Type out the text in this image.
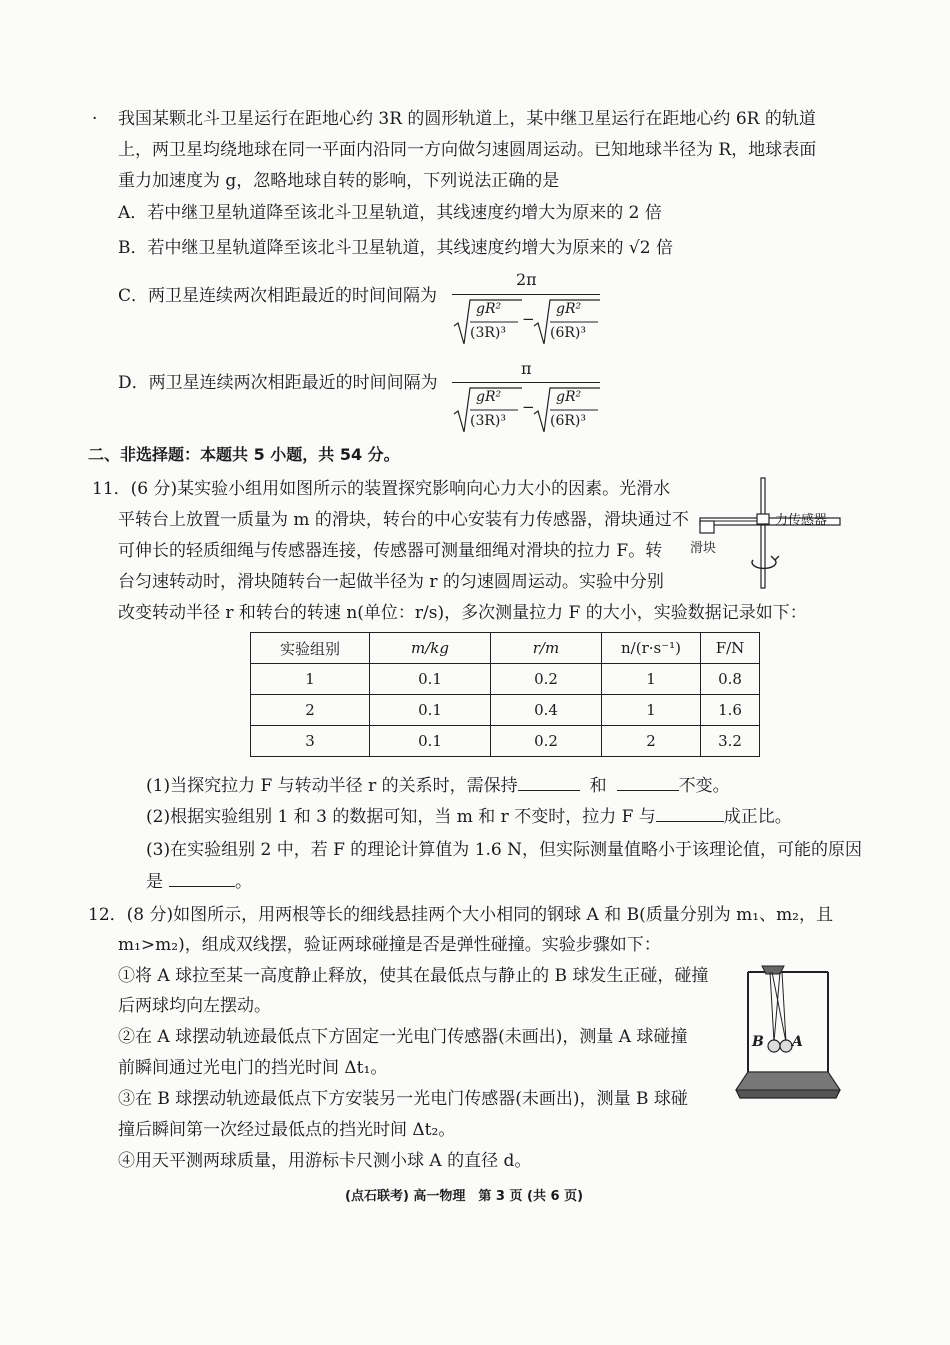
· 我国某颗北斗卫星运行在距地心约 3R 的圆形轨道上，某中继卫星运行在距地心约 6R 的轨道
上，两卫星均绕地球在同一平面内沿同一方向做匀速圆周运动。已知地球半径为 R，地球表面
重力加速度为 g，忽略地球自转的影响，下列说法正确的是
A．若中继卫星轨道降至该北斗卫星轨道，其线速度约增大为原来的 2 倍
B．若中继卫星轨道降至该北斗卫星轨道，其线速度约增大为原来的 √2 倍
C．两卫星连续两次相距最近的时间间隔为
2π
gR²
(3R)³
−
gR²
(6R)³
D．两卫星连续两次相距最近的时间间隔为
π
gR²
(3R)³
−
gR²
(6R)³
二、非选择题：本题共 5 小题，共 54 分。
11．(6 分)某实验小组用如图所示的装置探究影响向心力大小的因素。光滑水
平转台上放置一质量为 m 的滑块，转台的中心安装有力传感器，滑块通过不
可伸长的轻质细绳与传感器连接，传感器可测量细绳对滑块的拉力 F。转
台匀速转动时，滑块随转台一起做半径为 r 的匀速圆周运动。实验中分别
改变转动半径 r 和转台的转速 n(单位：r/s)，多次测量拉力 F 的大小，实验数据记录如下：
力传感器
滑块
实验组别	m/kg	r/m	n/(r·s⁻¹)	F/N
1	0.1	0.2	1	0.8
2	0.1	0.4	1	1.6
3	0.1	0.2	2	3.2
(1)当探究拉力 F 与转动半径 r 的关系时，需保持	和	不变。
(2)根据实验组别 1 和 3 的数据可知，当 m 和 r 不变时，拉力 F 与	成正比。
(3)在实验组别 2 中，若 F 的理论计算值为 1.6 N，但实际测量值略小于该理论值，可能的原因
是	。
12．(8 分)如图所示，用两根等长的细线悬挂两个大小相同的钢球 A 和 B(质量分别为 m₁、m₂，且
m₁>m₂)，组成双线摆，验证两球碰撞是否是弹性碰撞。实验步骤如下：
①将 A 球拉至某一高度静止释放，使其在最低点与静止的 B 球发生正碰，碰撞
后两球均向左摆动。
②在 A 球摆动轨迹最低点下方固定一光电门传感器(未画出)，测量 A 球碰撞
前瞬间通过光电门的挡光时间 Δt₁。
③在 B 球摆动轨迹最低点下方安装另一光电门传感器(未画出)，测量 B 球碰
撞后瞬间第一次经过最低点的挡光时间 Δt₂。
④用天平测两球质量，用游标卡尺测小球 A 的直径 d。
B A
(点石联考) 高一物理　第 3 页 (共 6 页)
